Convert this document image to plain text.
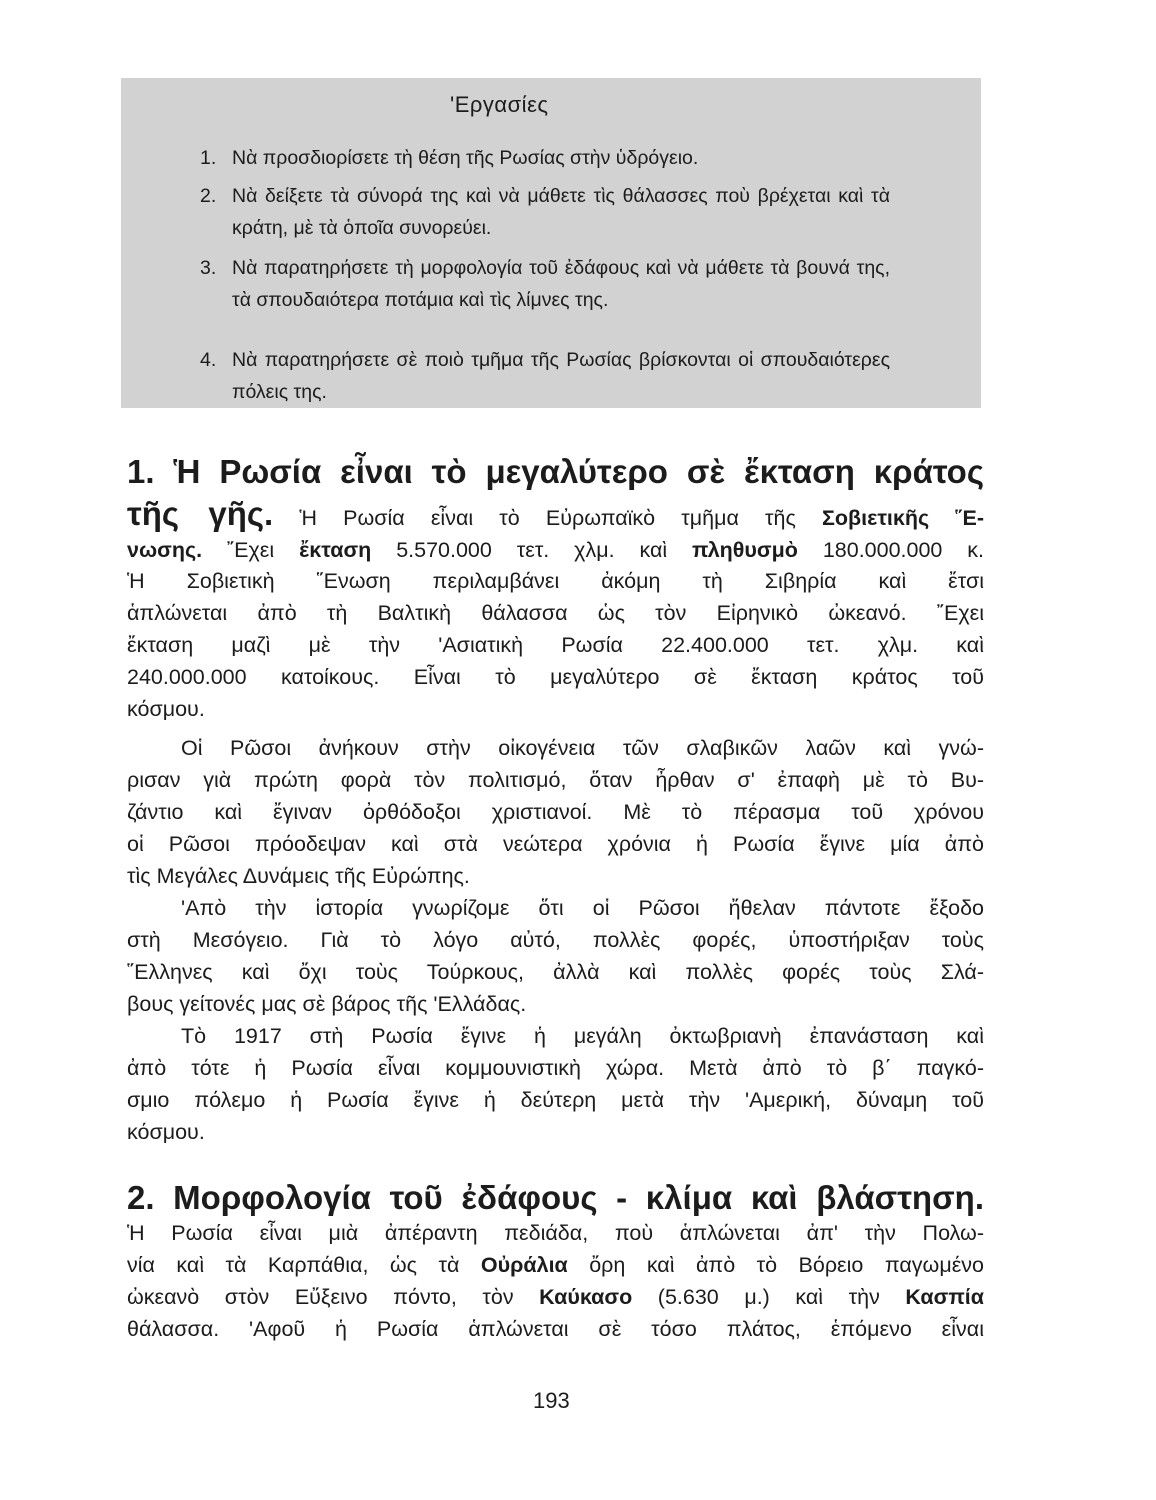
'Εργασίες
1. Νὰ προσδιορίσετε τὴ θέση τῆς Ρωσίας στὴν ὑδρόγειο.
2. Νὰ δείξετε τὰ σύνορά της καὶ νὰ μάθετε τὶς θάλασσες ποὺ βρέχεται καὶ τὰ κράτη, μὲ τὰ ὁποῖα συνορεύει.
3. Νὰ παρατηρήσετε τὴ μορφολογία τοῦ ἐδάφους καὶ νὰ μάθετε τὰ βουνά της, τὰ σπουδαιότερα ποτάμια καὶ τὶς λίμνες της.
4. Νὰ παρατηρήσετε σὲ ποιὸ τμῆμα τῆς Ρωσίας βρίσκονται οἱ σπουδαιότερες πόλεις της.
1. Ἡ Ρωσία εἶναι τὸ μεγαλύτερο σὲ ἔκταση κράτος
τῆς γῆς. Ἡ Ρωσία εἶναι τὸ Εὐρωπαϊκὸ τμῆμα τῆς Σοβιετικῆς ῞Ε-
νωσης. ῎Εχει ἔκταση 5.570.000 τετ. χλμ. καὶ πληθυσμὸ 180.000.000 κ.
Ἡ Σοβιετικὴ ῞Ενωση περιλαμβάνει ἀκόμη τὴ Σιβηρία καὶ ἔτσι
ἁπλώνεται ἀπὸ τὴ Βαλτικὴ θάλασσα ὡς τὸν Εἰρηνικὸ ὠκεανό. ῎Εχει
ἔκταση μαζὶ μὲ τὴν 'Ασιατικὴ Ρωσία 22.400.000 τετ. χλμ. καὶ
240.000.000 κατοίκους. Εἶναι τὸ μεγαλύτερο σὲ ἔκταση κράτος τοῦ
κόσμου.
Οἱ Ρῶσοι ἀνήκουν στὴν οἰκογένεια τῶν σλαβικῶν λαῶν καὶ γνώ-
ρισαν γιὰ πρώτη φορὰ τὸν πολιτισμό, ὅταν ἦρθαν σ' ἐπαφὴ μὲ τὸ Βυ-
ζάντιο καὶ ἔγιναν ὀρθόδοξοι χριστιανοί. Μὲ τὸ πέρασμα τοῦ χρόνου
οἱ Ρῶσοι πρόοδεψαν καὶ στὰ νεώτερα χρόνια ἡ Ρωσία ἔγινε μία ἀπὸ
τὶς Μεγάλες Δυνάμεις τῆς Εὐρώπης.
'Απὸ τὴν ἱστορία γνωρίζομε ὅτι οἱ Ρῶσοι ἤθελαν πάντοτε ἔξοδο
στὴ Μεσόγειο. Γιὰ τὸ λόγο αὐτό, πολλὲς φορές, ὑποστήριξαν τοὺς
῞Ελληνες καὶ ὄχι τοὺς Τούρκους, ἀλλὰ καὶ πολλὲς φορές τοὺς Σλά-
βους γείτονές μας σὲ βάρος τῆς 'Ελλάδας.
Τὸ 1917 στὴ Ρωσία ἔγινε ἡ μεγάλη ὀκτωβριανὴ ἐπανάσταση καὶ
ἀπὸ τότε ἡ Ρωσία εἶναι κομμουνιστικὴ χώρα. Μετὰ ἀπὸ τὸ β΄ παγκό-
σμιο πόλεμο ἡ Ρωσία ἔγινε ἡ δεύτερη μετὰ τὴν 'Αμερική, δύναμη τοῦ
κόσμου.
2. Μορφολογία τοῦ ἐδάφους - κλίμα καὶ βλάστηση.
Ἡ Ρωσία εἶναι μιὰ ἀπέραντη πεδιάδα, ποὺ ἁπλώνεται ἀπ' τὴν Πολω-
νία καὶ τὰ Καρπάθια, ὡς τὰ Οὐράλια ὄρη καὶ ἀπὸ τὸ Βόρειο παγωμένο
ὠκεανὸ στὸν Εὔξεινο πόντο, τὸν Καύκασο (5.630 μ.) καὶ τὴν Κασπία
θάλασσα. 'Αφοῦ ἡ Ρωσία ἁπλώνεται σὲ τόσο πλάτος, ἑπόμενο εἶναι
193
